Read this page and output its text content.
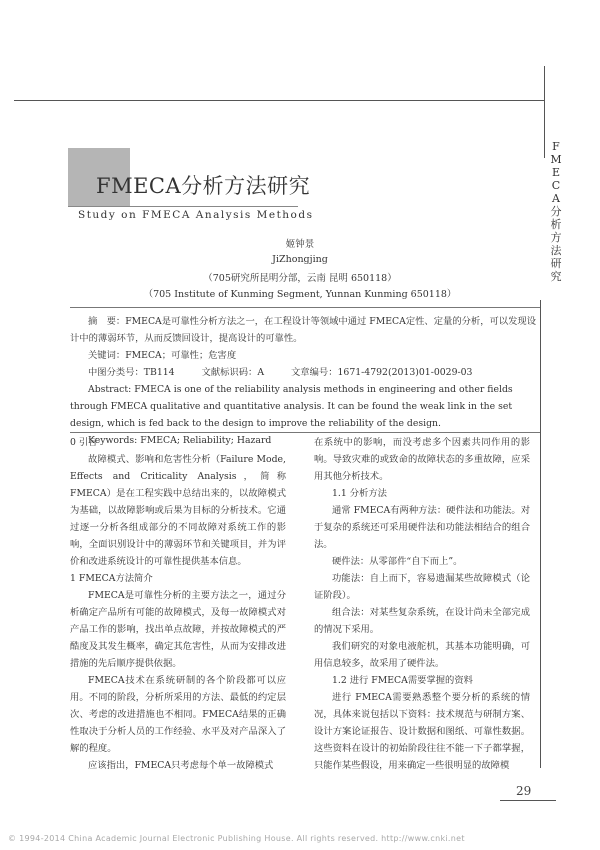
FMECA分析方法研究
FMECA分析方法研究
Study on FMECA Analysis Methods
姬钟景
JiZhongjing
（705研究所昆明分部，云南 昆明 650118）
（705 Institute of Kunming Segment, Yunnan Kunming 650118）

摘　要：FMECA是可靠性分析方法之一，在工程设计等领域中通过 FMECA定性、定量的分析，可以发现设计中的薄弱环节，从而反馈回设计，提高设计的可靠性。

关键词：FMECA；可靠性；危害度

中图分类号：TB114	文献标识码：A	文章编号：1671-4792(2013)01-0029-03

Abstract: FMECA is one of the reliability analysis methods in engineering and other fields through FMECA qualitative and quantitative analysis. It can be found the weak link in the set design, which is fed back to the design to improve the reliability of the design.

Keywords: FMECA; Reliability; Hazard

0 引言

故障模式、影响和危害性分析（Failure Mode, Effects and Criticality Analysis，简称 FMECA）是在工程实践中总结出来的，以故障模式为基础，以故障影响或后果为目标的分析技术。它通过逐一分析各组成部分的不同故障对系统工作的影响，全面识别设计中的薄弱环节和关键项目，并为评价和改进系统设计的可靠性提供基本信息。

1 FMECA方法简介

FMECA是可靠性分析的主要方法之一，通过分析确定产品所有可能的故障模式，及每一故障模式对产品工作的影响，找出单点故障，并按故障模式的严酷度及其发生概率，确定其危害性，从而为安排改进措施的先后顺序提供依据。

FMECA技术在系统研制的各个阶段都可以应用。不同的阶段，分析所采用的方法、最低的约定层次、考虑的改进措施也不相同。FMECA结果的正确性取决于分析人员的工作经验、水平及对产品深入了解的程度。

应该指出，FMECA只考虑每个单一故障模式

在系统中的影响，而没考虑多个因素共同作用的影响。导致灾难的或致命的故障状态的多重故障，应采用其他分析技术。

1.1 分析方法

通常 FMECA有两种方法：硬件法和功能法。对于复杂的系统还可采用硬件法和功能法相结合的组合法。

硬件法：从零部件“自下而上”。

功能法：自上而下，容易遗漏某些故障模式（论证阶段）。

组合法：对某些复杂系统，在设计尚未全部完成的情况下采用。

我们研究的对象电液舵机，其基本功能明确，可用信息较多，故采用了硬件法。

1.2 进行 FMECA需要掌握的资料

进行 FMECA需要熟悉整个要分析的系统的情况，具体来说包括以下资料：技术规范与研制方案、设计方案论证报告、设计数据和图纸、可靠性数据。这些资料在设计的初始阶段往往不能一下子都掌握，只能作某些假设，用来确定一些很明显的故障模

29
© 1994-2014 China Academic Journal Electronic Publishing House. All rights reserved. http://www.cnki.net
